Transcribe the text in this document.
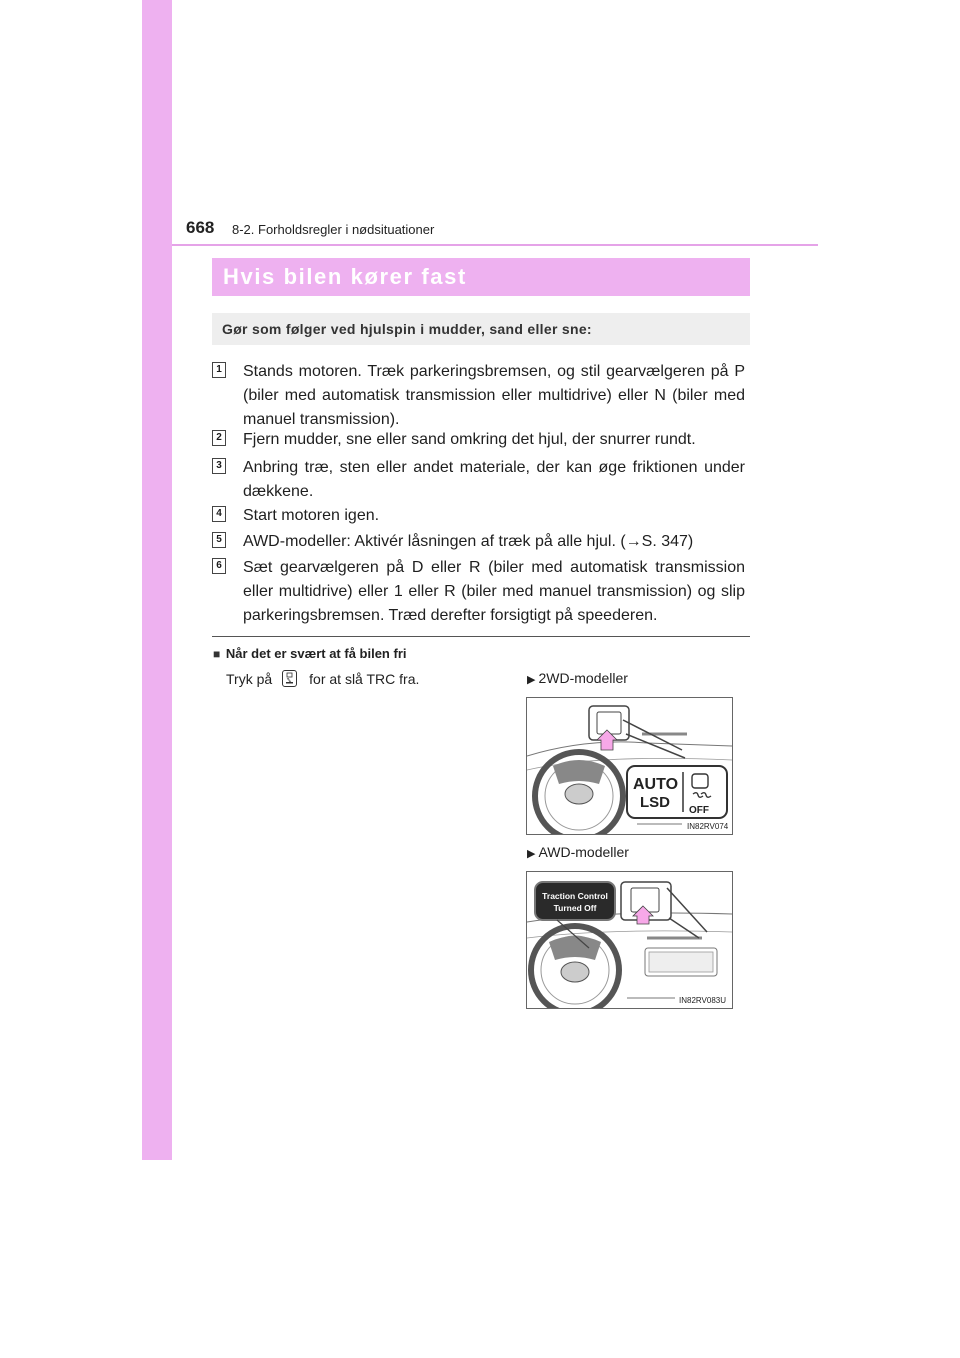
668 8-2. Forholdsregler i nødsituationer
Hvis bilen kører fast
Gør som følger ved hjulspin i mudder, sand eller sne:
1 Stands motoren. Træk parkeringsbremsen, og stil gearvælgeren på P (biler med automatisk transmission eller multidrive) eller N (biler med manuel transmission).
2 Fjern mudder, sne eller sand omkring det hjul, der snurrer rundt.
3 Anbring træ, sten eller andet materiale, der kan øge friktionen under dækkene.
4 Start motoren igen.
5 AWD-modeller: Aktivér låsningen af træk på alle hjul. (→S. 347)
6 Sæt gearvælgeren på D eller R (biler med automatisk transmission eller multidrive) eller 1 eller R (biler med manuel transmission) og slip parkeringsbremsen. Træd derefter forsigtigt på speederen.
■ Når det er svært at få bilen fri
Tryk på	for at slå TRC fra.	▶ 2WD-modeller
AUTO
LSD OFF
IN82RV074
▶ AWD-modeller
Traction Control
Turned Off
IN82RV083U
